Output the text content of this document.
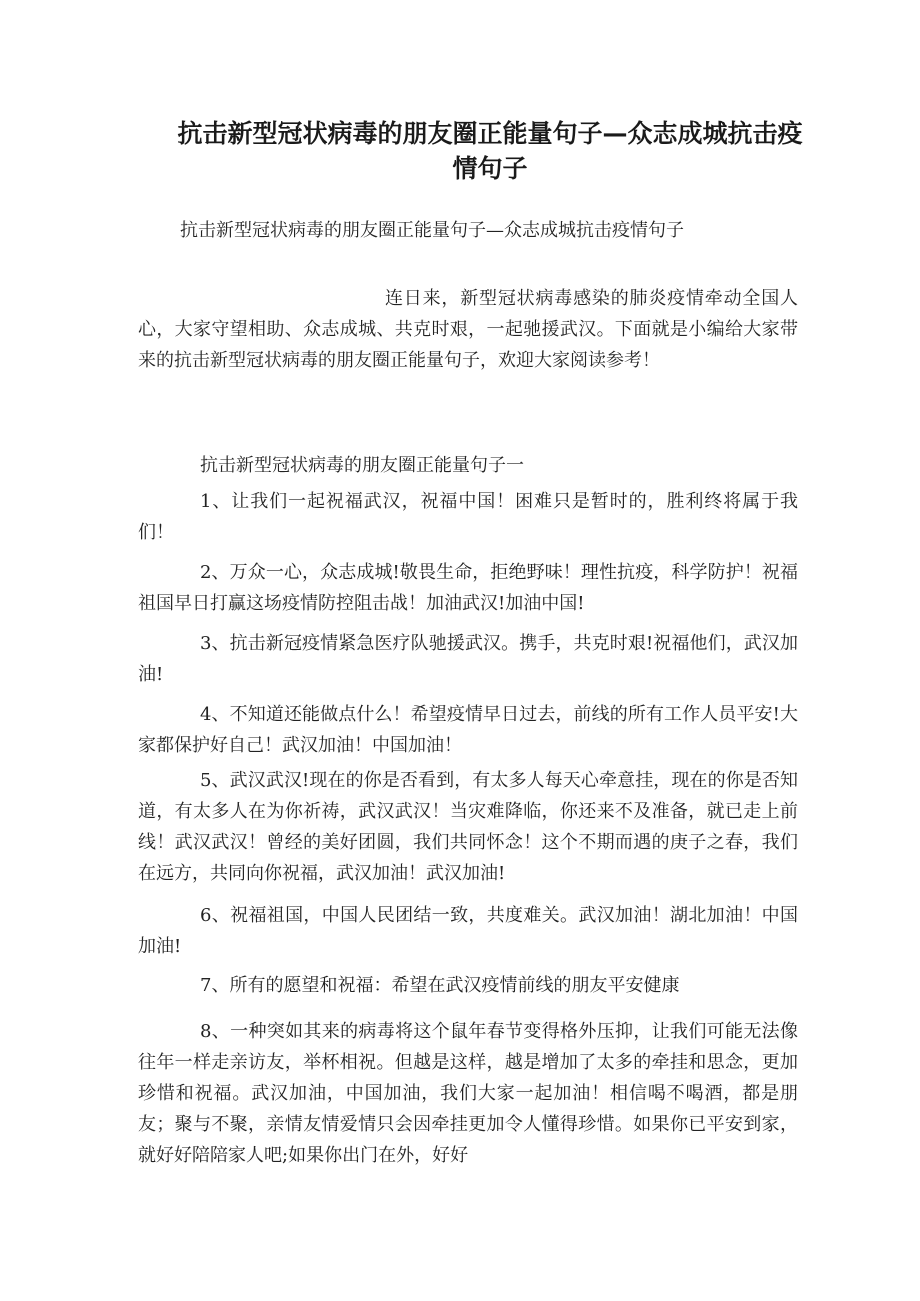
抗击新型冠状病毒的朋友圈正能量句子—众志成城抗击疫情句子
抗击新型冠状病毒的朋友圈正能量句子—众志成城抗击疫情句子
连日来，新型冠状病毒感染的肺炎疫情牵动全国人心，大家守望相助、众志成城、共克时艰，一起驰援武汉。下面就是小编给大家带来的抗击新型冠状病毒的朋友圈正能量句子，欢迎大家阅读参考！
抗击新型冠状病毒的朋友圈正能量句子一
1、让我们一起祝福武汉，祝福中国！困难只是暂时的，胜利终将属于我们！
2、万众一心，众志成城!敬畏生命，拒绝野味！理性抗疫，科学防护！祝福祖国早日打赢这场疫情防控阻击战！加油武汉!加油中国!
3、抗击新冠疫情紧急医疗队驰援武汉。携手，共克时艰!祝福他们，武汉加油!
4、不知道还能做点什么！希望疫情早日过去，前线的所有工作人员平安!大家都保护好自己！武汉加油！中国加油！
5、武汉武汉!现在的你是否看到，有太多人每天心牵意挂，现在的你是否知道，有太多人在为你祈祷，武汉武汉！当灾难降临，你还来不及准备，就已走上前线！武汉武汉！曾经的美好团圆，我们共同怀念！这个不期而遇的庚子之春，我们在远方，共同向你祝福，武汉加油！武汉加油!
6、祝福祖国，中国人民团结一致，共度难关。武汉加油！湖北加油！中国加油!
7、所有的愿望和祝福：希望在武汉疫情前线的朋友平安健康
8、一种突如其来的病毒将这个鼠年春节变得格外压抑，让我们可能无法像往年一样走亲访友，举杯相祝。但越是这样，越是增加了太多的牵挂和思念，更加珍惜和祝福。武汉加油，中国加油，我们大家一起加油！相信喝不喝酒，都是朋友；聚与不聚，亲情友情爱情只会因牵挂更加令人懂得珍惜。如果你已平安到家，就好好陪陪家人吧;如果你出门在外，好好
